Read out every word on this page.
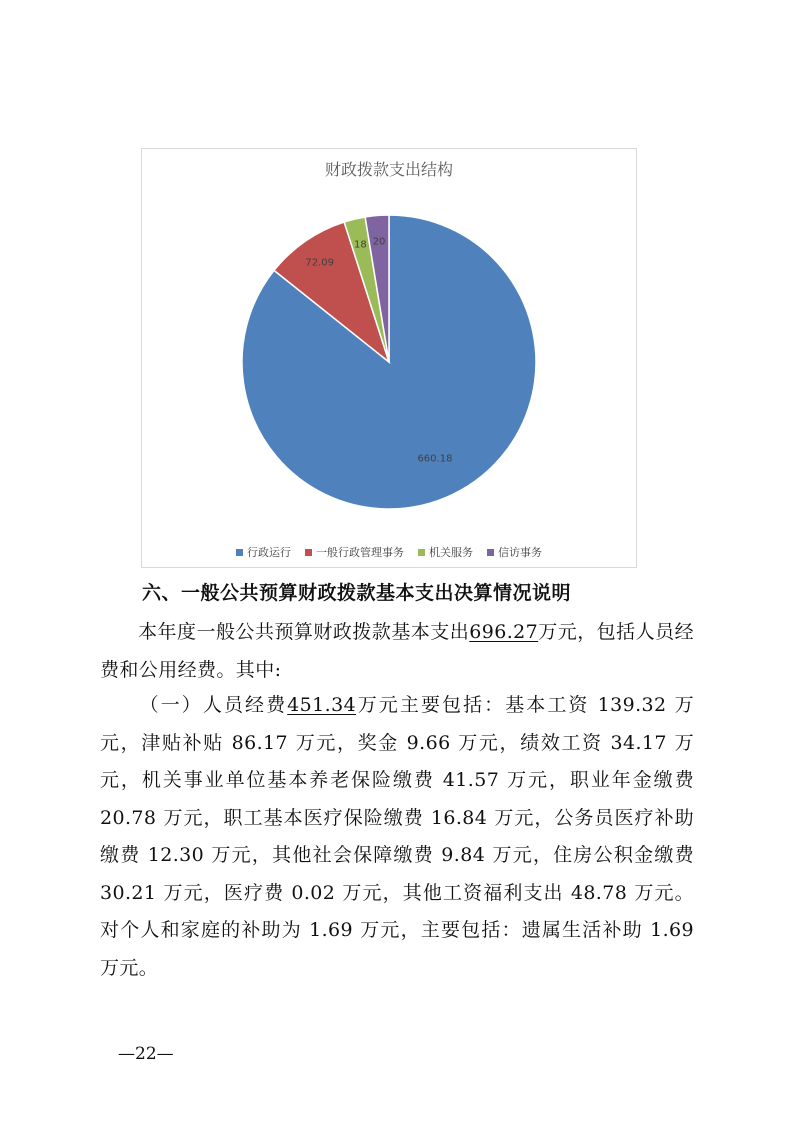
财政拨款支出结构
660.18
72.09
18 20
行政运行 一般行政管理事务 机关服务 信访事务
六、一般公共预算财政拨款基本支出决算情况说明
本年度一般公共预算财政拨款基本支出696.27万元，包括人员经费和公用经费。其中:
（一）人员经费451.34万元主要包括：基本工资 139.32 万元，津贴补贴 86.17 万元，奖金 9.66 万元，绩效工资 34.17 万元，机关事业单位基本养老保险缴费 41.57 万元，职业年金缴费 20.78 万元，职工基本医疗保险缴费 16.84 万元，公务员医疗补助缴费 12.30 万元，其他社会保障缴费 9.84 万元，住房公积金缴费 30.21 万元，医疗费 0.02 万元，其他工资福利支出 48.78 万元。对个人和家庭的补助为 1.69 万元，主要包括：遗属生活补助 1.69 万元。
—22—
